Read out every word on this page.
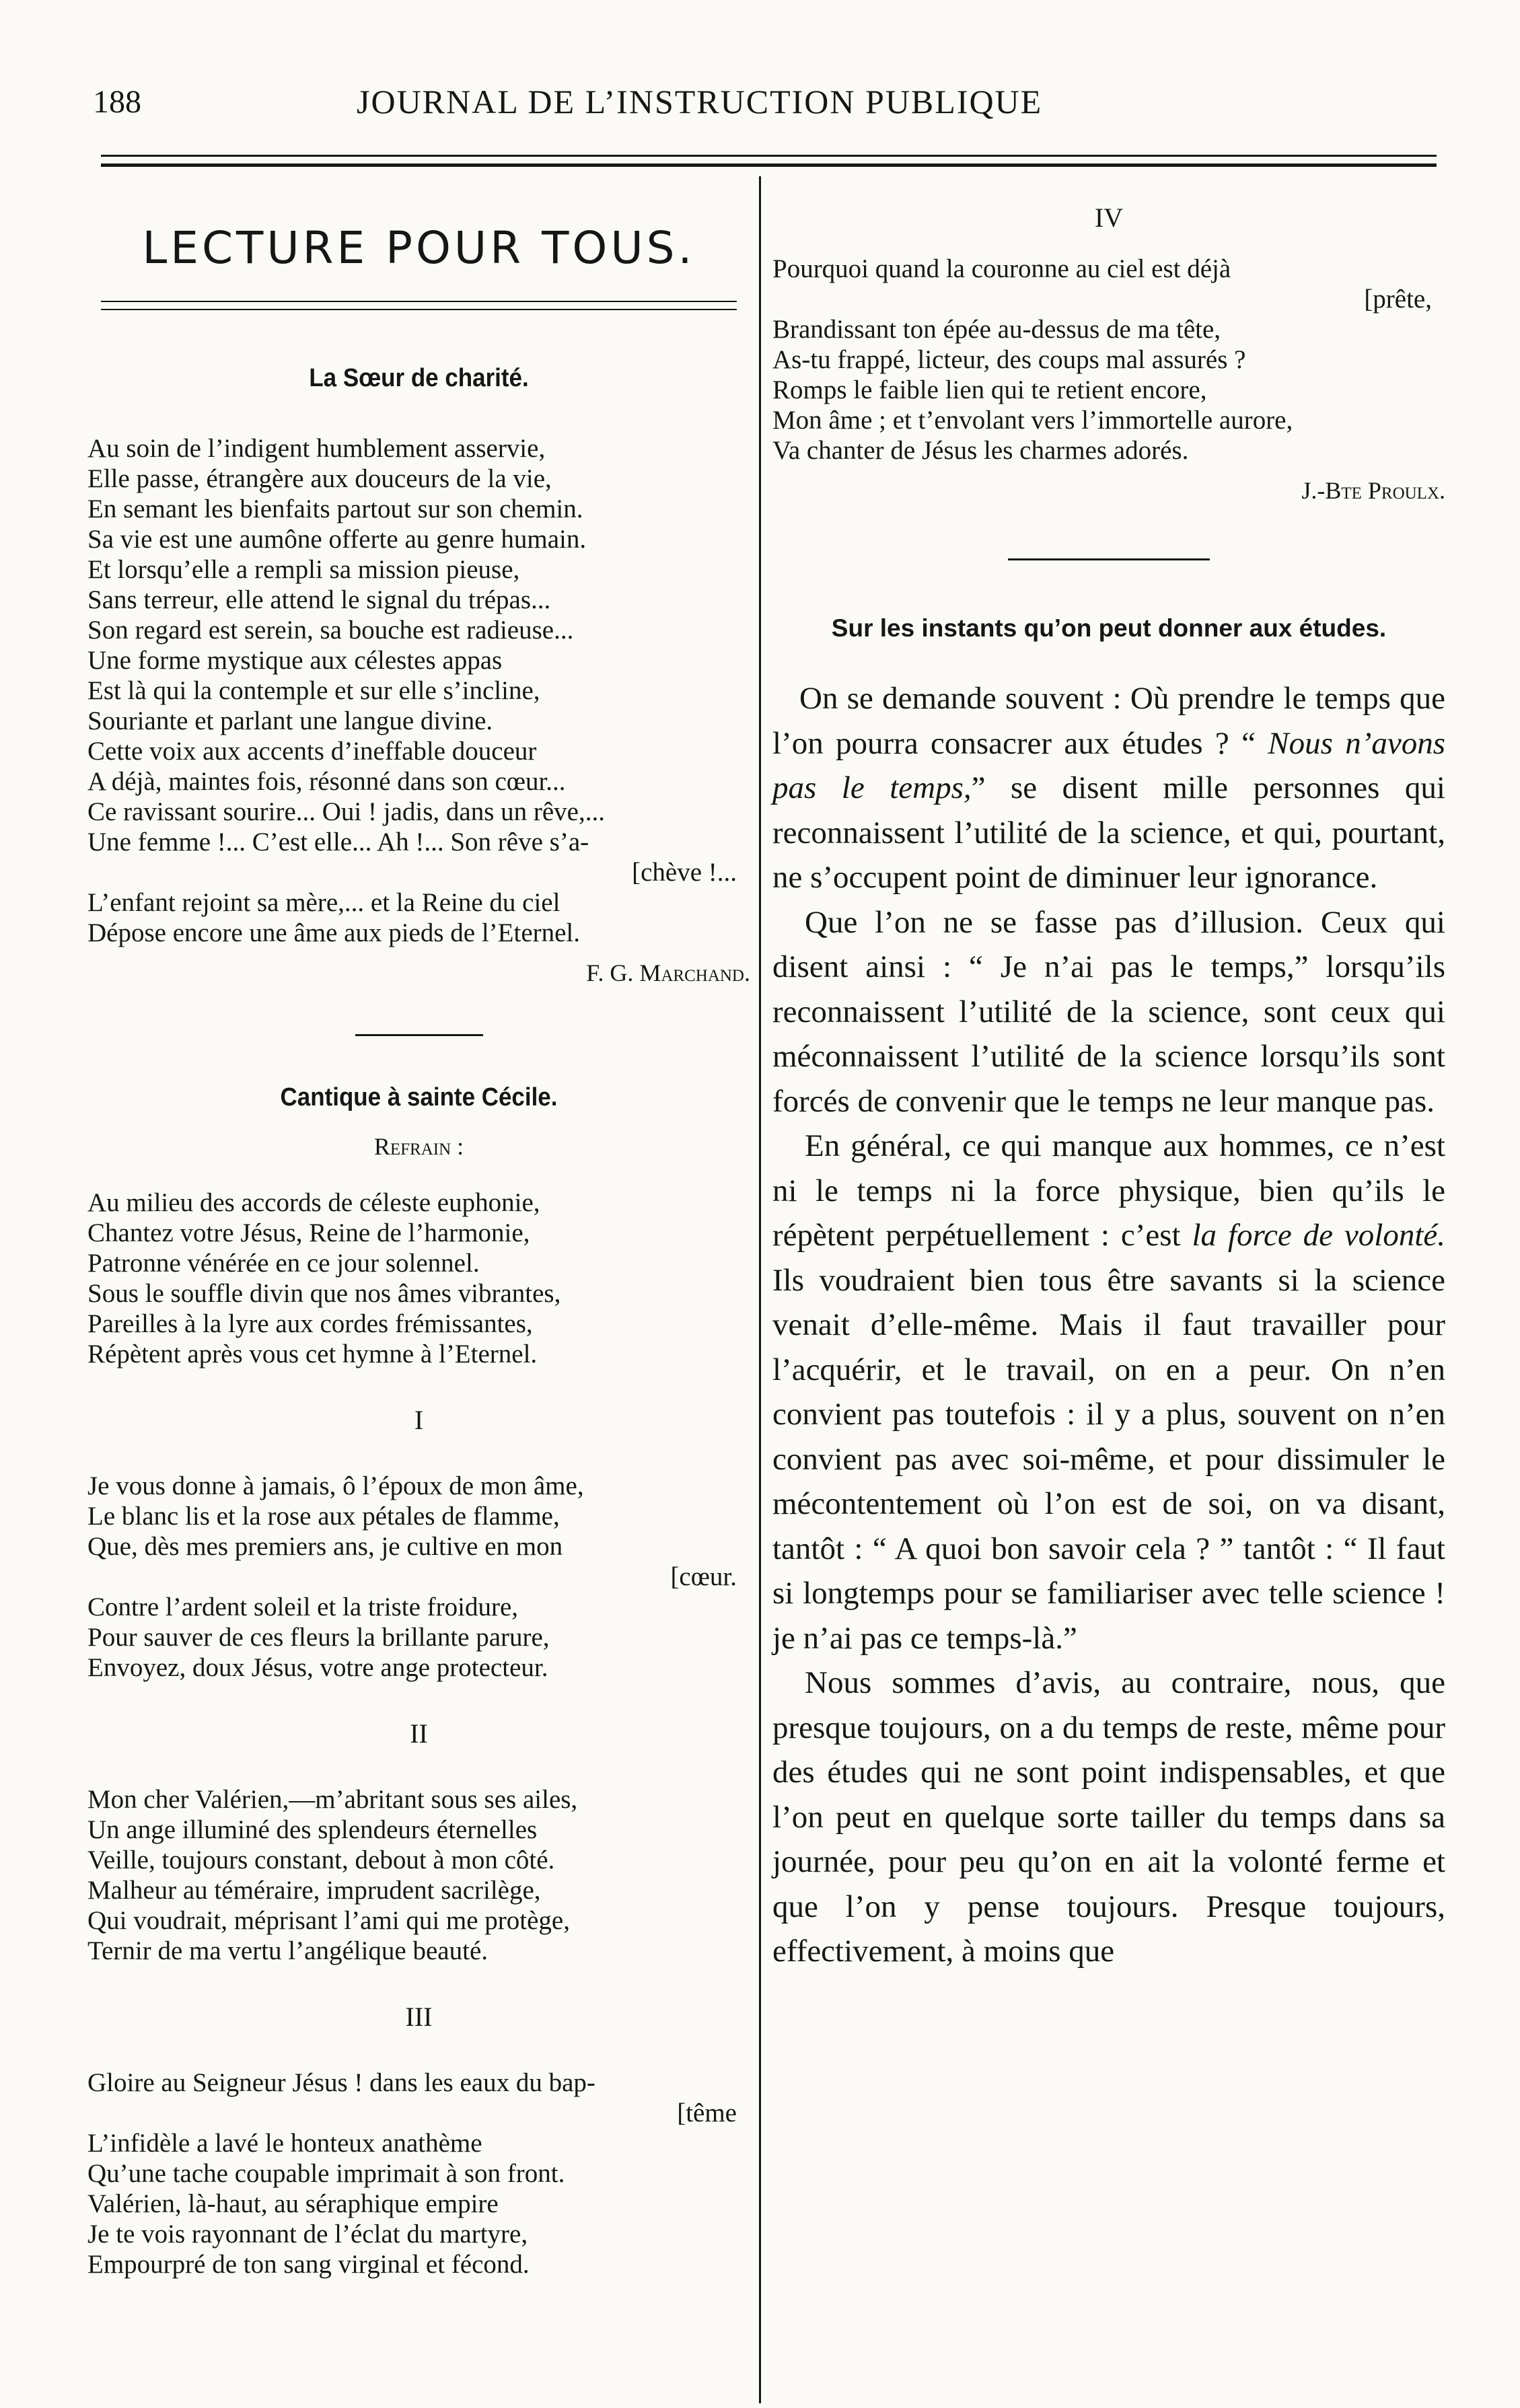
188	JOURNAL DE L’INSTRUCTION PUBLIQUE
LECTURE POUR TOUS.
La Sœur de charité.
Au soin de l’indigent humblement asservie,
Elle passe, étrangère aux douceurs de la vie,
En semant les bienfaits partout sur son chemin.
Sa vie est une aumône offerte au genre humain.
Et lorsqu’elle a rempli sa mission pieuse,
Sans terreur, elle attend le signal du trépas...
Son regard est serein, sa bouche est radieuse...
Une forme mystique aux célestes appas
Est là qui la contemple et sur elle s’incline,
Souriante et parlant une langue divine.
Cette voix aux accents d’ineffable douceur
A déjà, maintes fois, résonné dans son cœur...
Ce ravissant sourire... Oui ! jadis, dans un rêve,...
Une femme !... C’est elle... Ah !... Son rêve s’a-
[chève !...
L’enfant rejoint sa mère,... et la Reine du ciel
Dépose encore une âme aux pieds de l’Eternel.
F. G. Marchand.
Cantique à sainte Cécile.
Refrain :
Au milieu des accords de céleste euphonie,
Chantez votre Jésus, Reine de l’harmonie,
Patronne vénérée en ce jour solennel.
Sous le souffle divin que nos âmes vibrantes,
Pareilles à la lyre aux cordes frémissantes,
Répètent après vous cet hymne à l’Eternel.
I
Je vous donne à jamais, ô l’époux de mon âme,
Le blanc lis et la rose aux pétales de flamme,
Que, dès mes premiers ans, je cultive en mon
[cœur.
Contre l’ardent soleil et la triste froidure,
Pour sauver de ces fleurs la brillante parure,
Envoyez, doux Jésus, votre ange protecteur.
II
Mon cher Valérien,—m’abritant sous ses ailes,
Un ange illuminé des splendeurs éternelles
Veille, toujours constant, debout à mon côté.
Malheur au téméraire, imprudent sacrilège,
Qui voudrait, méprisant l’ami qui me protège,
Ternir de ma vertu l’angélique beauté.
III
Gloire au Seigneur Jésus ! dans les eaux du bap-
[tême
L’infidèle a lavé le honteux anathème
Qu’une tache coupable imprimait à son front.
Valérien, là-haut, au séraphique empire
Je te vois rayonnant de l’éclat du martyre,
Empourpré de ton sang virginal et fécond.
IV
Pourquoi quand la couronne au ciel est déjà
[prête,
Brandissant ton épée au-dessus de ma tête,
As-tu frappé, licteur, des coups mal assurés ?
Romps le faible lien qui te retient encore,
Mon âme ; et t’envolant vers l’immortelle aurore,
Va chanter de Jésus les charmes adorés.
J.-Bte Proulx.
Sur les instants qu’on peut donner aux études.

On se demande souvent : Où prendre le temps que l’on pourra consacrer aux études ? “ Nous n’avons pas le temps,” se disent mille personnes qui reconnaissent l’utilité de la science, et qui, pourtant, ne s’occupent point de diminuer leur ignorance.

Que l’on ne se fasse pas d’illusion. Ceux qui disent ainsi : “ Je n’ai pas le temps,” lorsqu’ils reconnaissent l’utilité de la science, sont ceux qui méconnaissent l’utilité de la science lorsqu’ils sont forcés de convenir que le temps ne leur manque pas.

En général, ce qui manque aux hommes, ce n’est ni le temps ni la force physique, bien qu’ils le répètent perpétuellement : c’est la force de volonté. Ils voudraient bien tous être savants si la science venait d’elle-même. Mais il faut travailler pour l’acquérir, et le travail, on en a peur. On n’en convient pas toutefois : il y a plus, souvent on n’en convient pas avec soi-même, et pour dissimuler le mécontentement où l’on est de soi, on va disant, tantôt : “ A quoi bon savoir cela ? ” tantôt : “ Il faut si longtemps pour se familiariser avec telle science ! je n’ai pas ce temps-là.”

Nous sommes d’avis, au contraire, nous, que presque toujours, on a du temps de reste, même pour des études qui ne sont point indispensables, et que l’on peut en quelque sorte tailler du temps dans sa journée, pour peu qu’on en ait la volonté ferme et que l’on y pense toujours. Presque toujours, effectivement, à moins que
